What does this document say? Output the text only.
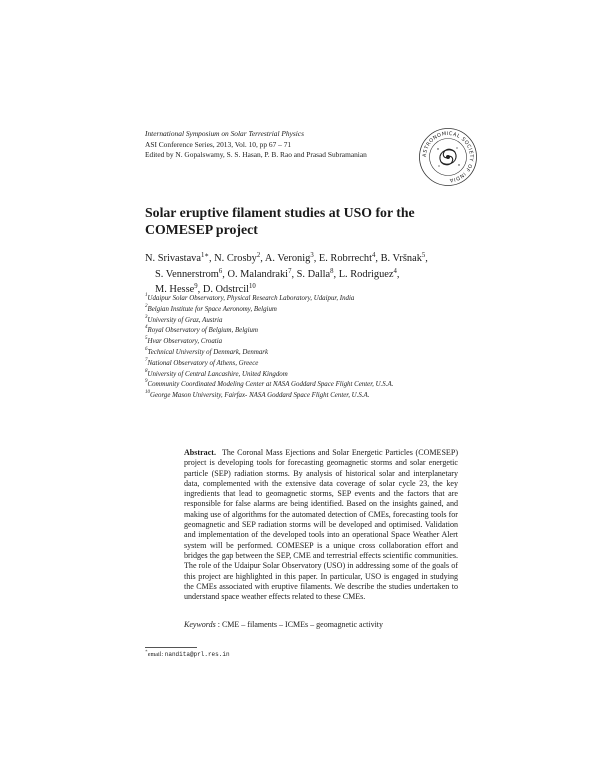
International Symposium on Solar Terrestrial Physics
ASI Conference Series, 2013, Vol. 10, pp 67 – 71
Edited by N. Gopalswamy, S. S. Hasan, P. B. Rao and Prasad Subramanian	ASTRONOMICAL SOCIETY OF INDIA
Solar eruptive filament studies at USO for the
COMESEP project
N. Srivastava$^{1∗}$, N. Crosby$^2$, A. Veronig$^3$, E. Robrrecht$^4$, B. Vršnak$^5$,
S. Vennerstrom$^6$, O. Malandraki$^7$, S. Dalla$^8$, L. Rodriguez$^4$,
M. Hesse$^9$, D. Odstrcil$^{10}$
$^1$Udaipur Solar Observatory, Physical Research Laboratory, Udaipur, India
$^2$Belgian Institute for Space Aeronomy, Belgium
$^3$University of Graz, Austria
$^4$Royal Observatory of Belgium, Belgium
$^5$Hvar Observatory, Croatia
$^6$Technical University of Denmark, Denmark
$^7$National Observatory of Athens, Greece
$^8$University of Central Lancashire, United Kingdom
$^9$Community Coordinated Modeling Center at NASA Goddard Space Flight Center, U.S.A.
$^{10}$George Mason University, Fairfax- NASA Goddard Space Flight Center, U.S.A.

Abstract. The Coronal Mass Ejections and Solar Energetic Particles (COMESEP) project is developing tools for forecasting geomagnetic storms and solar energetic particle (SEP) radiation storms. By analysis of historical solar and interplanetary data, complemented with the extensive data coverage of solar cycle 23, the key ingredients that lead to geomagnetic storms, SEP events and the factors that are responsible for false alarms are being identified. Based on the insights gained, and making use of algorithms for the automated detection of CMEs, forecasting tools for geomagnetic and SEP radiation storms will be developed and optimised. Validation and implementation of the developed tools into an operational Space Weather Alert system will be performed. COMESEP is a unique cross collaboration effort and bridges the gap between the SEP, CME and terrestrial effects scientific communities. The role of the Udaipur Solar Observatory (USO) in addressing some of the goals of this project are highlighted in this paper. In particular, USO is engaged in studying the CMEs associated with eruptive filaments. We describe the studies undertaken to understand space weather effects related to these CMEs.

Keywords : CME – filaments – ICMEs – geomagnetic activity
∗email: nandita@prl.res.in
